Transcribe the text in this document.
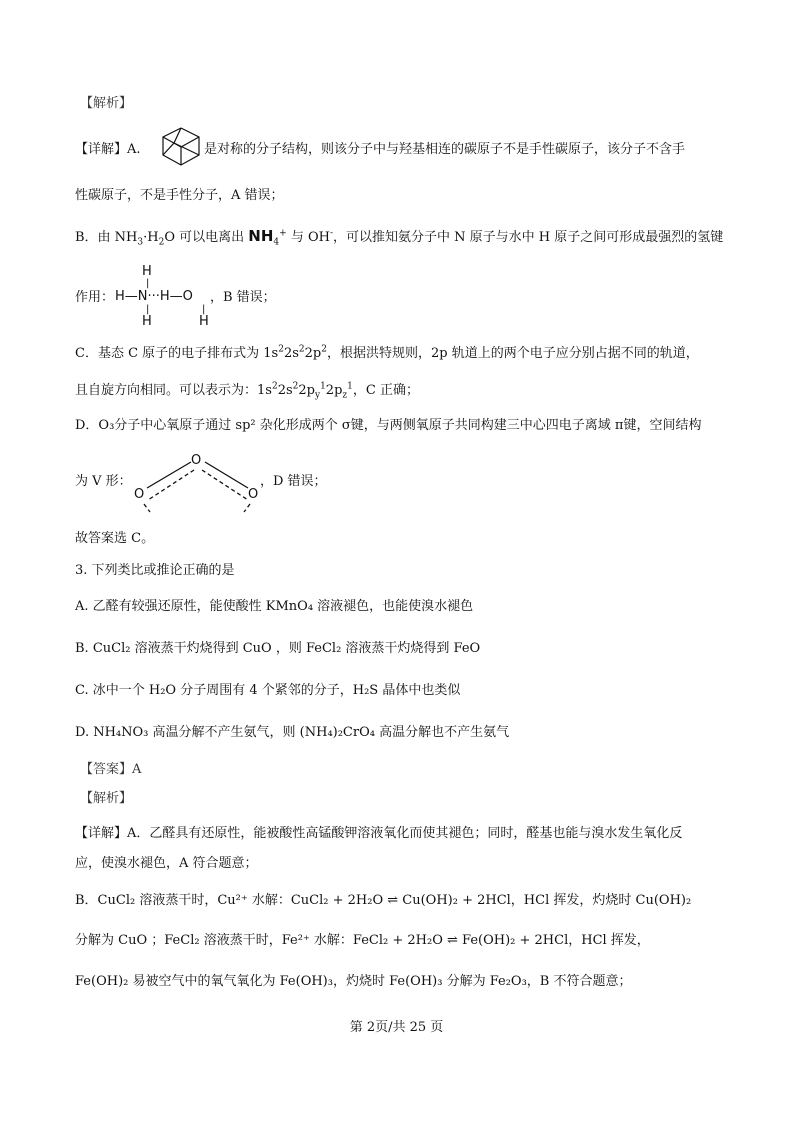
【解析】
【详解】A.	是对称的分子结构，则该分子中与羟基相连的碳原子不是手性碳原子，该分子不含手
性碳原子，不是手性分子，A 错误；
B．由 $NH_3\cdot H_2O$ 可以电离出 $NH_4^+$ 与 OH-，可以推知氨分子中 N 原子与水中 H 原子之间可形成最强烈的氢键
作用：
H
|
H—N···H—O
|
H
|
H
，B 错误；
C．基态 C 原子的电子排布式为 $1s^22s^22p^2$，根据洪特规则，2p 轨道上的两个电子应分别占据不同的轨道，
且自旋方向相同。可以表示为：$1s^22s^22p_y^12p_z^1$，C 正确；
D．O₃分子中心氧原子通过 sp² 杂化形成两个 σ键，与两侧氧原子共同构建三中心四电子离域 π键，空间结构
为 V 形：
O
O	O
，D 错误；
故答案选 C。
3. 下列类比或推论正确的是
A. 乙醛有较强还原性，能使酸性 KMnO₄ 溶液褪色，也能使溴水褪色
B. CuCl₂ 溶液蒸干灼烧得到 CuO ，则 FeCl₂ 溶液蒸干灼烧得到 FeO
C. 冰中一个 H₂O 分子周围有 4 个紧邻的分子，H₂S 晶体中也类似
D. NH₄NO₃ 高温分解不产生氨气，则 (NH₄)₂CrO₄ 高温分解也不产生氨气
【答案】A
【解析】
【详解】A．乙醛具有还原性，能被酸性高锰酸钾溶液氧化而使其褪色；同时，醛基也能与溴水发生氧化反
应，使溴水褪色，A 符合题意；
B．CuCl₂ 溶液蒸干时，Cu²⁺ 水解：CuCl₂ + 2H₂O ⇌ Cu(OH)₂ + 2HCl，HCl 挥发，灼烧时 Cu(OH)₂
分解为 CuO ；FeCl₂ 溶液蒸干时，Fe²⁺ 水解：FeCl₂ + 2H₂O ⇌ Fe(OH)₂ + 2HCl，HCl 挥发，
Fe(OH)₂ 易被空气中的氧气氧化为 Fe(OH)₃，灼烧时 Fe(OH)₃ 分解为 Fe₂O₃，B 不符合题意；
第 2页/共 25 页
